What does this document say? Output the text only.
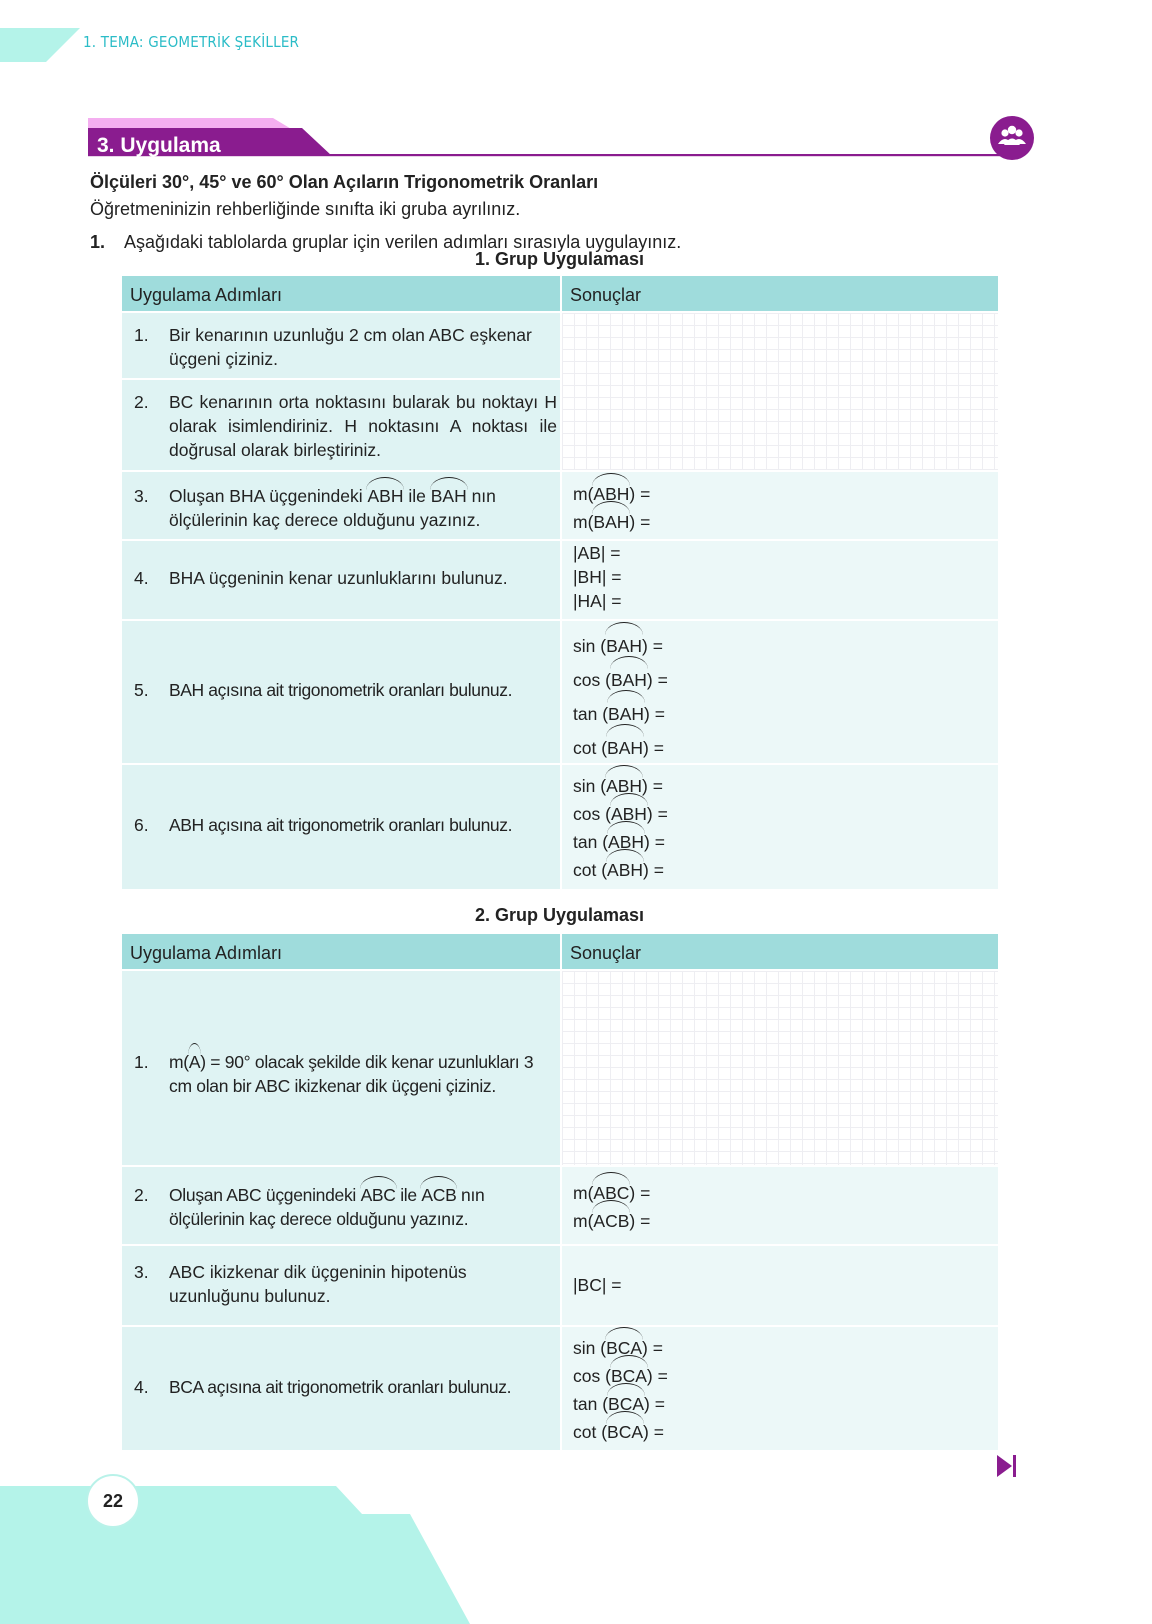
1. TEMA: GEOMETRİK ŞEKİLLER
3. Uygulama
Ölçüleri 30°, 45° ve 60° Olan Açıların Trigonometrik Oranları
Öğretmeninizin rehberliğinde sınıfta iki gruba ayrılınız.
1. Aşağıdaki tablolarda gruplar için verilen adımları sırasıyla uygulayınız.
1. Grup Uygulaması
Uygulama Adımları	Sonuçlar
1. Bir kenarının uzunluğu 2 cm olan ABC eşkenar üçgeni çiziniz.
2. BC kenarının orta noktasını bularak bu noktayı H olarak isimlendiriniz. H noktasını A noktası ile doğrusal olarak birleştiriniz.
3. Oluşan BHA üçgenindeki ABH ile BAH nın ölçülerinin kaç derece olduğunu yazınız.
m(ABH) =
m(BAH) =
4. BHA üçgeninin kenar uzunluklarını bulunuz.
|AB| =
|BH| =
|HA| =
5. BAH açısına ait trigonometrik oranları bulunuz.
sin (BAH) =
cos (BAH) =
tan (BAH) =
cot (BAH) =
6. ABH açısına ait trigonometrik oranları bulunuz.
sin (ABH) =
cos (ABH) =
tan (ABH) =
cot (ABH) =
2. Grup Uygulaması
Uygulama Adımları	Sonuçlar
1. m(A) = 90° olacak şekilde dik kenar uzunlukları 3 cm olan bir ABC ikizkenar dik üçgeni çiziniz.
2. Oluşan ABC üçgenindeki ABC ile ACB nın ölçülerinin kaç derece olduğunu yazınız.
m(ABC) =
m(ACB) =
3. ABC ikizkenar dik üçgeninin hipotenüs uzunluğunu bulunuz.
|BC| =
4. BCA açısına ait trigonometrik oranları bulunuz.
sin (BCA) =
cos (BCA) =
tan (BCA) =
cot (BCA) =
22
